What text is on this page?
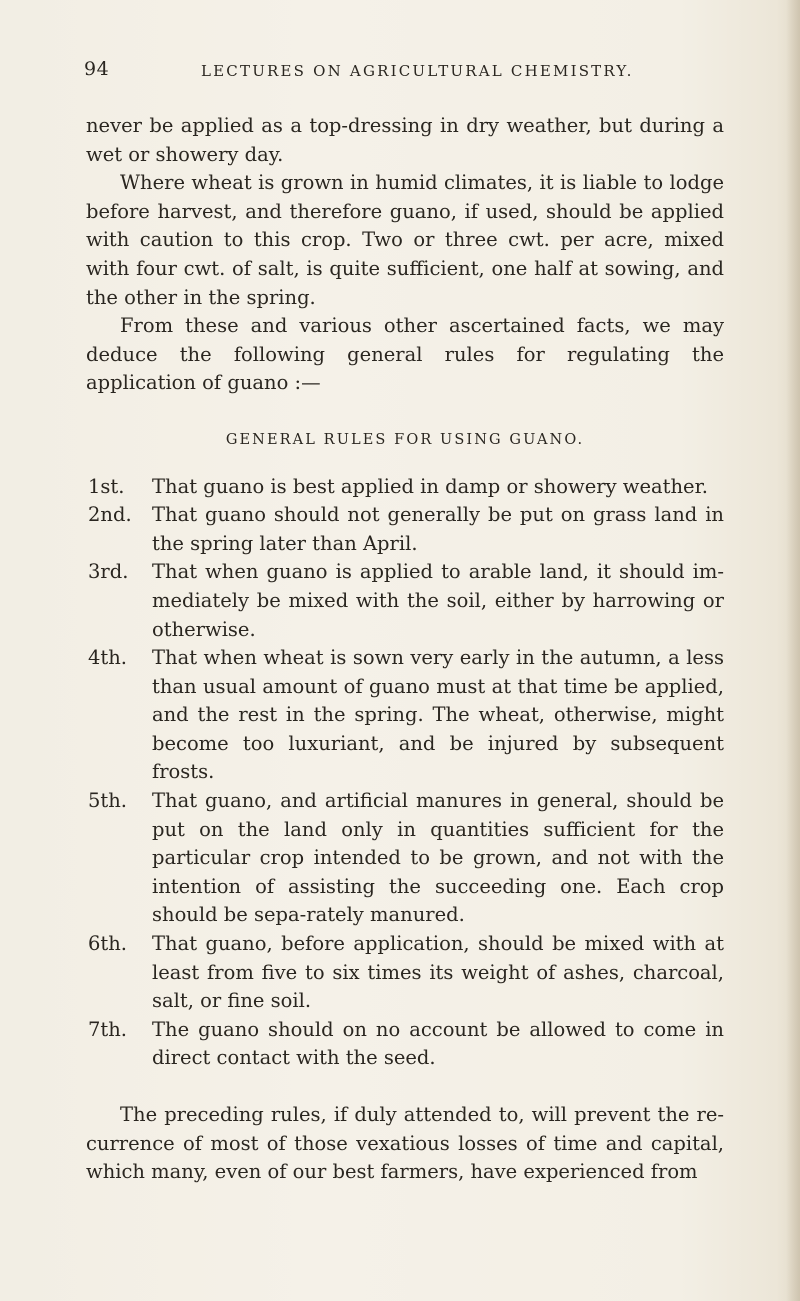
94	LECTURES ON AGRICULTURAL CHEMISTRY.

never be applied as a top-dressing in dry weather, but during a wet or showery day.

Where wheat is grown in humid climates, it is liable to lodge before harvest, and therefore guano, if used, should be applied with caution to this crop. Two or three cwt. per acre, mixed with four cwt. of salt, is quite sufficient, one half at sowing, and the other in the spring.

From these and various other ascertained facts, we may deduce the following general rules for regulating the application of guano :—

GENERAL RULES FOR USING GUANO.
1st. That guano is best applied in damp or showery weather.
2nd. That guano should not generally be put on grass land in the spring later than April.
3rd. That when guano is applied to arable land, it should im-mediately be mixed with the soil, either by harrowing or otherwise.
4th. That when wheat is sown very early in the autumn, a less than usual amount of guano must at that time be applied, and the rest in the spring. The wheat, otherwise, might become too luxuriant, and be injured by subsequent frosts.
5th. That guano, and artificial manures in general, should be put on the land only in quantities sufficient for the particular crop intended to be grown, and not with the intention of assisting the succeeding one. Each crop should be sepa-rately manured.
6th. That guano, before application, should be mixed with at least from five to six times its weight of ashes, charcoal, salt, or fine soil.
7th. The guano should on no account be allowed to come in direct contact with the seed.

The preceding rules, if duly attended to, will prevent the re-currence of most of those vexatious losses of time and capital, which many, even of our best farmers, have experienced from
